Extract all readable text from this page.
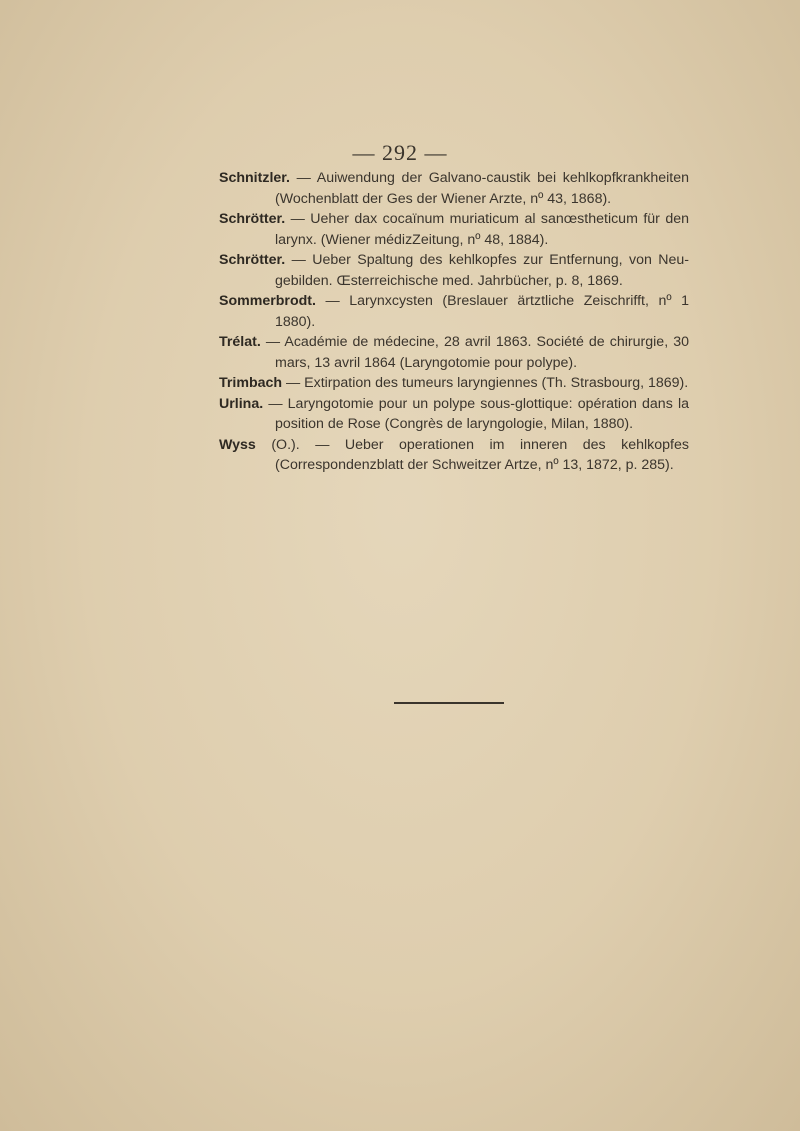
— 292 —

Schnitzler. — Auiwendung der Galvano-caustik bei kehlkopfkrankheiten (Wochenblatt der Ges der Wiener Arzte, nº 43, 1868).

Schrötter. — Ueher dax cocaïnum muriaticum al sanœstheticum für den larynx. (Wiener médizZeitung, nº 48, 1884).

Schrötter. — Ueber Spaltung des kehlkopfes zur Entfernung, von Neu-gebilden. Œsterreichische med. Jahrbücher, p. 8, 1869.

Sommerbrodt. — Larynxcysten (Breslauer ärtztliche Zeischrifft, nº 1 1880).

Trélat. — Académie de médecine, 28 avril 1863. Société de chirurgie, 30 mars, 13 avril 1864 (Laryngotomie pour polype).

Trimbach — Extirpation des tumeurs laryngiennes (Th. Strasbourg, 1869).

Urlina. — Laryngotomie pour un polype sous-glottique: opération dans la position de Rose (Congrès de laryngologie, Milan, 1880).

Wyss (O.). — Ueber operationen im inneren des kehlkopfes (Correspondenzblatt der Schweitzer Artze, nº 13, 1872, p. 285).
